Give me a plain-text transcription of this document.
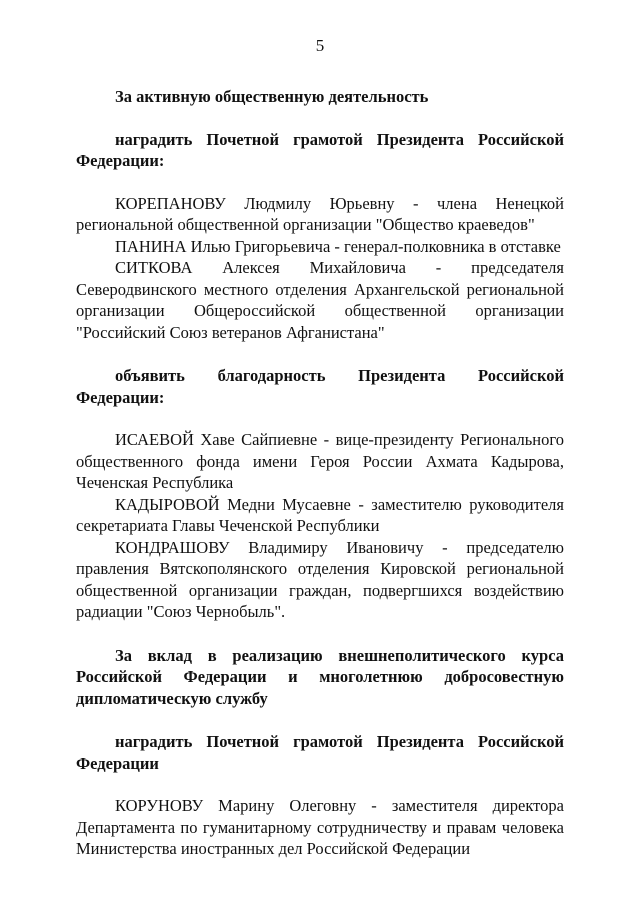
5

За активную общественную деятельность

наградить Почетной грамотой Президента Российской Федерации:

КОРЕПАНОВУ Людмилу Юрьевну - члена Ненецкой региональной общественной организации "Общество краеведов"

ПАНИНА Илью Григорьевича - генерал-полковника в отставке

СИТКОВА Алексея Михайловича - председателя Северодвинского местного отделения Архангельской региональной организации Общероссийской общественной организации "Российский Союз ветеранов Афганистана"

объявить благодарность Президента Российской Федерации:

ИСАЕВОЙ Хаве Сайпиевне - вице-президенту Регионального общественного фонда имени Героя России Ахмата Кадырова, Чеченская Республика

КАДЫРОВОЙ Медни Мусаевне - заместителю руководителя секретариата Главы Чеченской Республики

КОНДРАШОВУ Владимиру Ивановичу - председателю правления Вятскополянского отделения Кировской региональной общественной организации граждан, подвергшихся воздействию радиации "Союз Чернобыль".

За вклад в реализацию внешнеполитического курса Российской Федерации и многолетнюю добросовестную дипломатическую службу

наградить Почетной грамотой Президента Российской Федерации

КОРУНОВУ Марину Олеговну - заместителя директора Департамента по гуманитарному сотрудничеству и правам человека Министерства иностранных дел Российской Федерации
